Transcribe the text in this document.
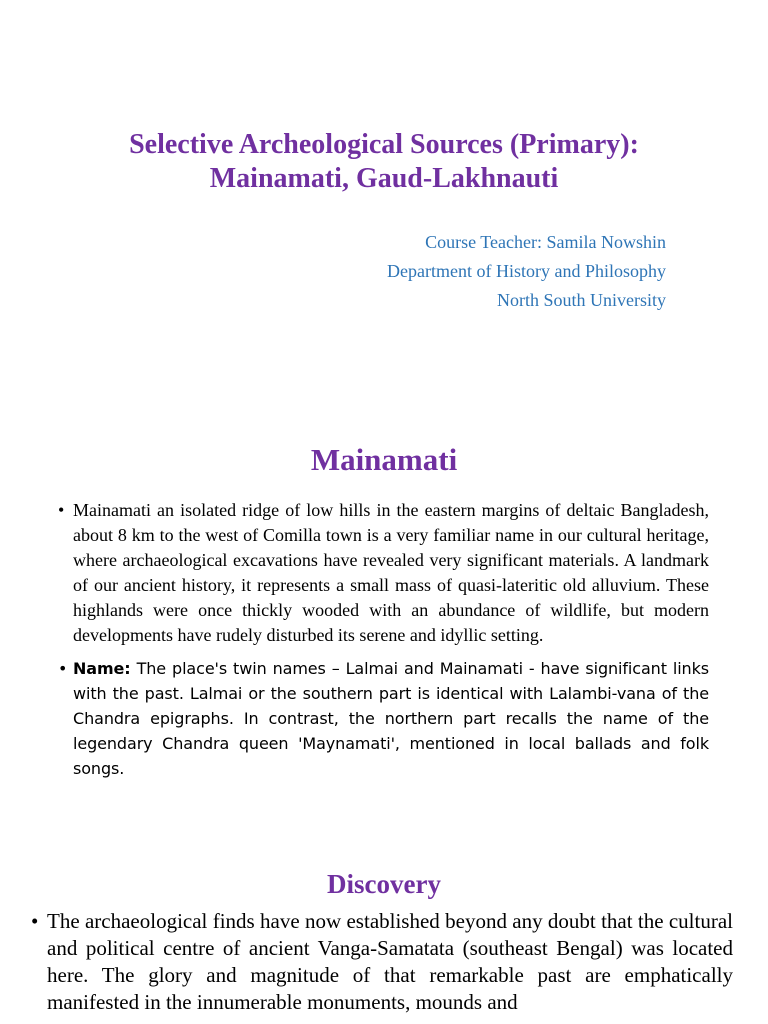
Selective Archeological Sources (Primary):
Mainamati, Gaud-Lakhnauti
Course Teacher: Samila Nowshin
Department of History and Philosophy
North South University
Mainamati
• Mainamati an isolated ridge of low hills in the eastern margins of deltaic Bangladesh, about 8 km to the west of Comilla town is a very familiar name in our cultural heritage, where archaeological excavations have revealed very significant materials. A landmark of our ancient history, it represents a small mass of quasi-lateritic old alluvium. These highlands were once thickly wooded with an abundance of wildlife, but modern developments have rudely disturbed its serene and idyllic setting.
• Name: The place's twin names – Lalmai and Mainamati - have significant links with the past. Lalmai or the southern part is identical with Lalambi-vana of the Chandra epigraphs. In contrast, the northern part recalls the name of the legendary Chandra queen 'Maynamati', mentioned in local ballads and folk songs.
Discovery
• The archaeological finds have now established beyond any doubt that the cultural and political centre of ancient Vanga-Samatata (southeast Bengal) was located here. The glory and magnitude of that remarkable past are emphatically manifested in the innumerable monuments, mounds and
